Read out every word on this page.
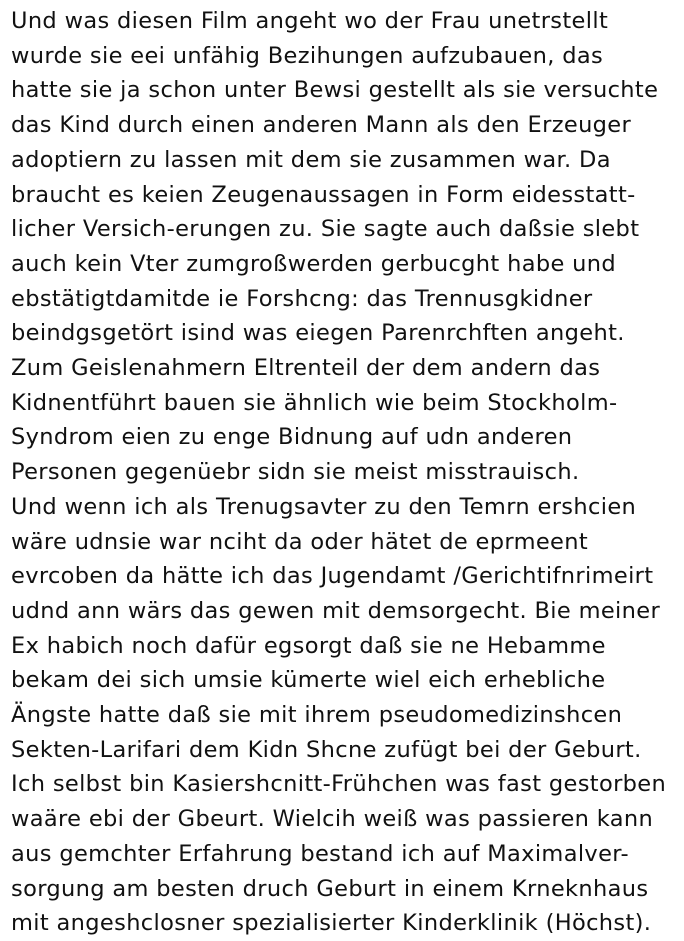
Und was diesen Film angeht wo der Frau unetrstellt
wurde sie eei unfähig Bezihungen aufzubauen, das
hatte sie ja schon unter Bewsi gestellt als sie versuchte
das Kind durch einen anderen Mann als den Erzeuger
adoptiern zu lassen mit dem sie zusammen war. Da
braucht es keien Zeugenaussagen in Form eidesstatt-
licher Versich-erungen zu. Sie sagte auch daßsie slebt
auch kein Vter zumgroßwerden gerbucght habe und
ebstätigtdamitde ie Forshcng: das Trennusgkidner
beindgsgetört isind was eiegen Parenrchften angeht.
Zum Geislenahmern Eltrenteil der dem andern das
Kidnentführt bauen sie ähnlich wie beim Stockholm-
Syndrom eien zu enge Bidnung auf udn anderen
Personen gegenüebr sidn sie meist misstrauisch.
Und wenn ich als Trenugsavter zu den Temrn ershcien
wäre udnsie war nciht da oder hätet de eprmeent
evrcoben da hätte ich das Jugendamt /Gerichtifnrimeirt
udnd ann wärs das gewen mit demsorgecht. Bie meiner
Ex habich noch dafür egsorgt daß sie ne Hebamme
bekam dei sich umsie kümerte wiel eich erhebliche
Ängste hatte daß sie mit ihrem pseudomedizinshcen
Sekten-Larifari dem Kidn Shcne zufügt bei der Geburt.
Ich selbst bin Kasiershcnitt-Frühchen was fast gestorben
waäre ebi der Gbeurt. Wielcih weiß was passieren kann
aus gemchter Erfahrung bestand ich auf Maximalver-
sorgung am besten druch Geburt in einem Krneknhaus
mit angeshclosner spezialisierter Kinderklinik (Höchst).
